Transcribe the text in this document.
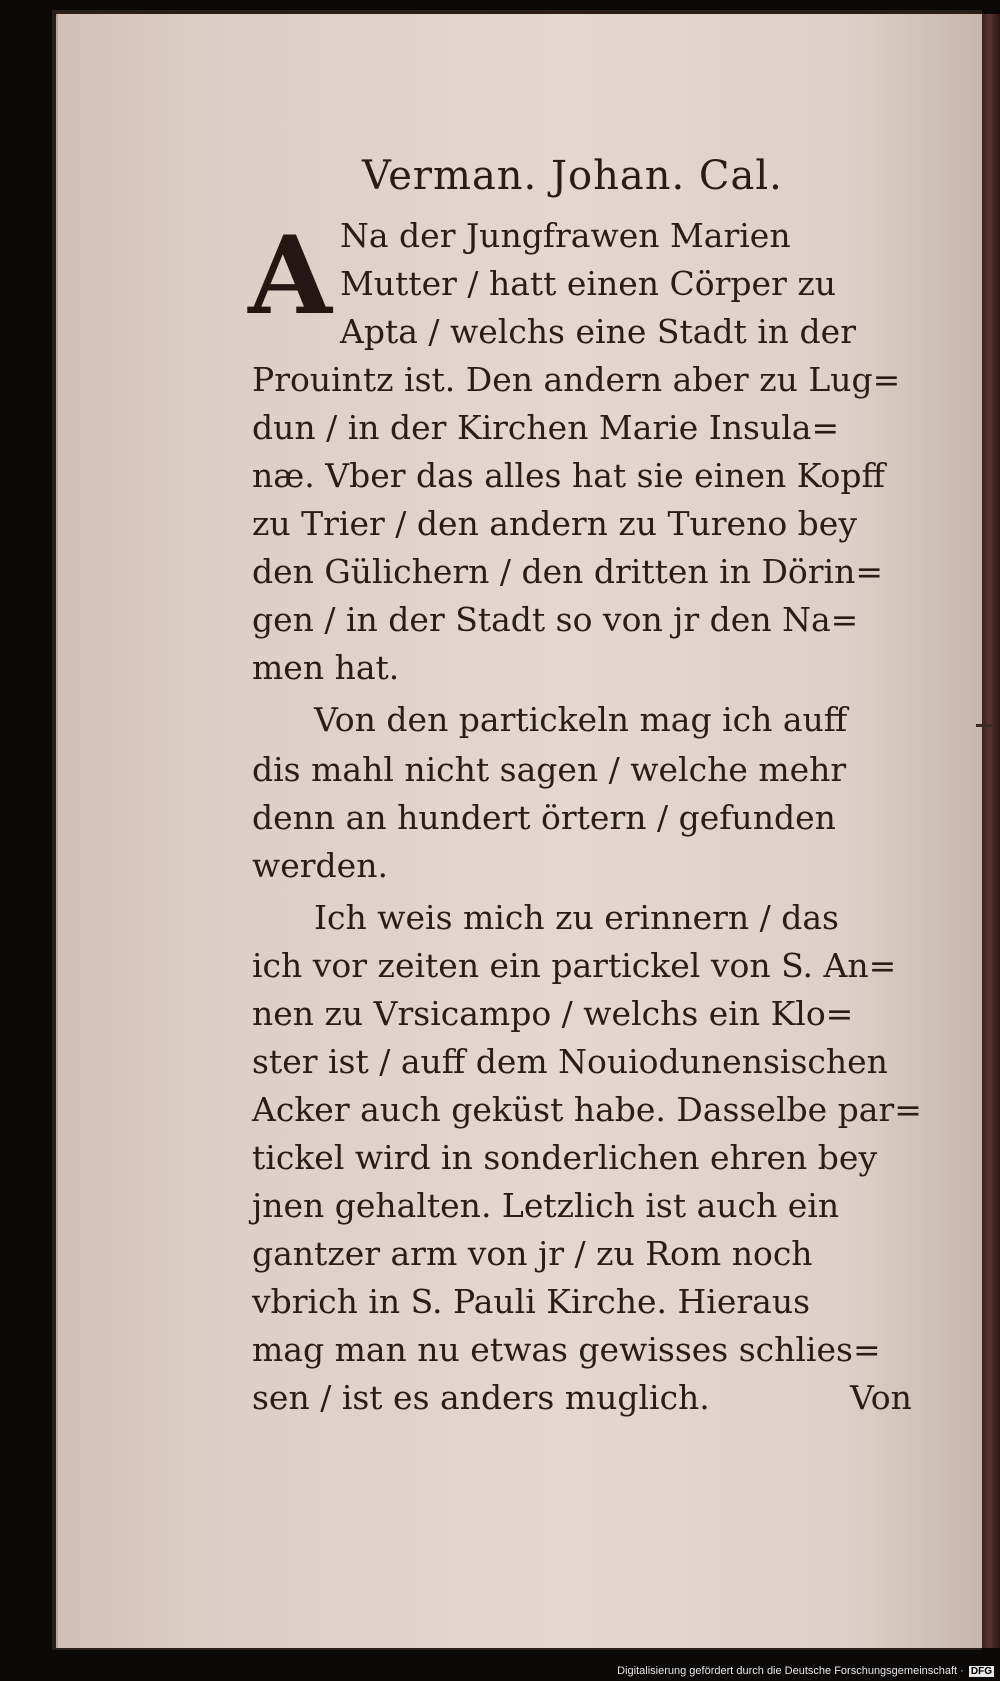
Verman. Johan. Cal.
A Na der Jungfrawen Marien
Mutter / hatt einen Cörper zu
Apta / welchs eine Stadt in der
Prouintz ist. Den andern aber zu Lug=
dun / in der Kirchen Marie Insula=
næ. Vber das alles hat sie einen Kopff
zu Trier / den andern zu Tureno bey
den Gülichern / den dritten in Dörin=
gen / in der Stadt so von jr den Na=
men hat.
Von den partickeln mag ich auff
dis mahl nicht sagen / welche mehr
denn an hundert örtern / gefunden
werden.
Ich weis mich zu erinnern / das
ich vor zeiten ein partickel von S. An=
nen zu Vrsicampo / welchs ein Klo=
ster ist / auff dem Nouiodunensischen
Acker auch geküst habe. Dasselbe par=
tickel wird in sonderlichen ehren bey
jnen gehalten. Letzlich ist auch ein
gantzer arm von jr / zu Rom noch
vbrich in S. Pauli Kirche. Hieraus
mag man nu etwas gewisses schlies=
sen / ist es anders muglich.	Von
Digitalisierung gefördert durch die Deutsche Forschungsgemeinschaft · DFG
